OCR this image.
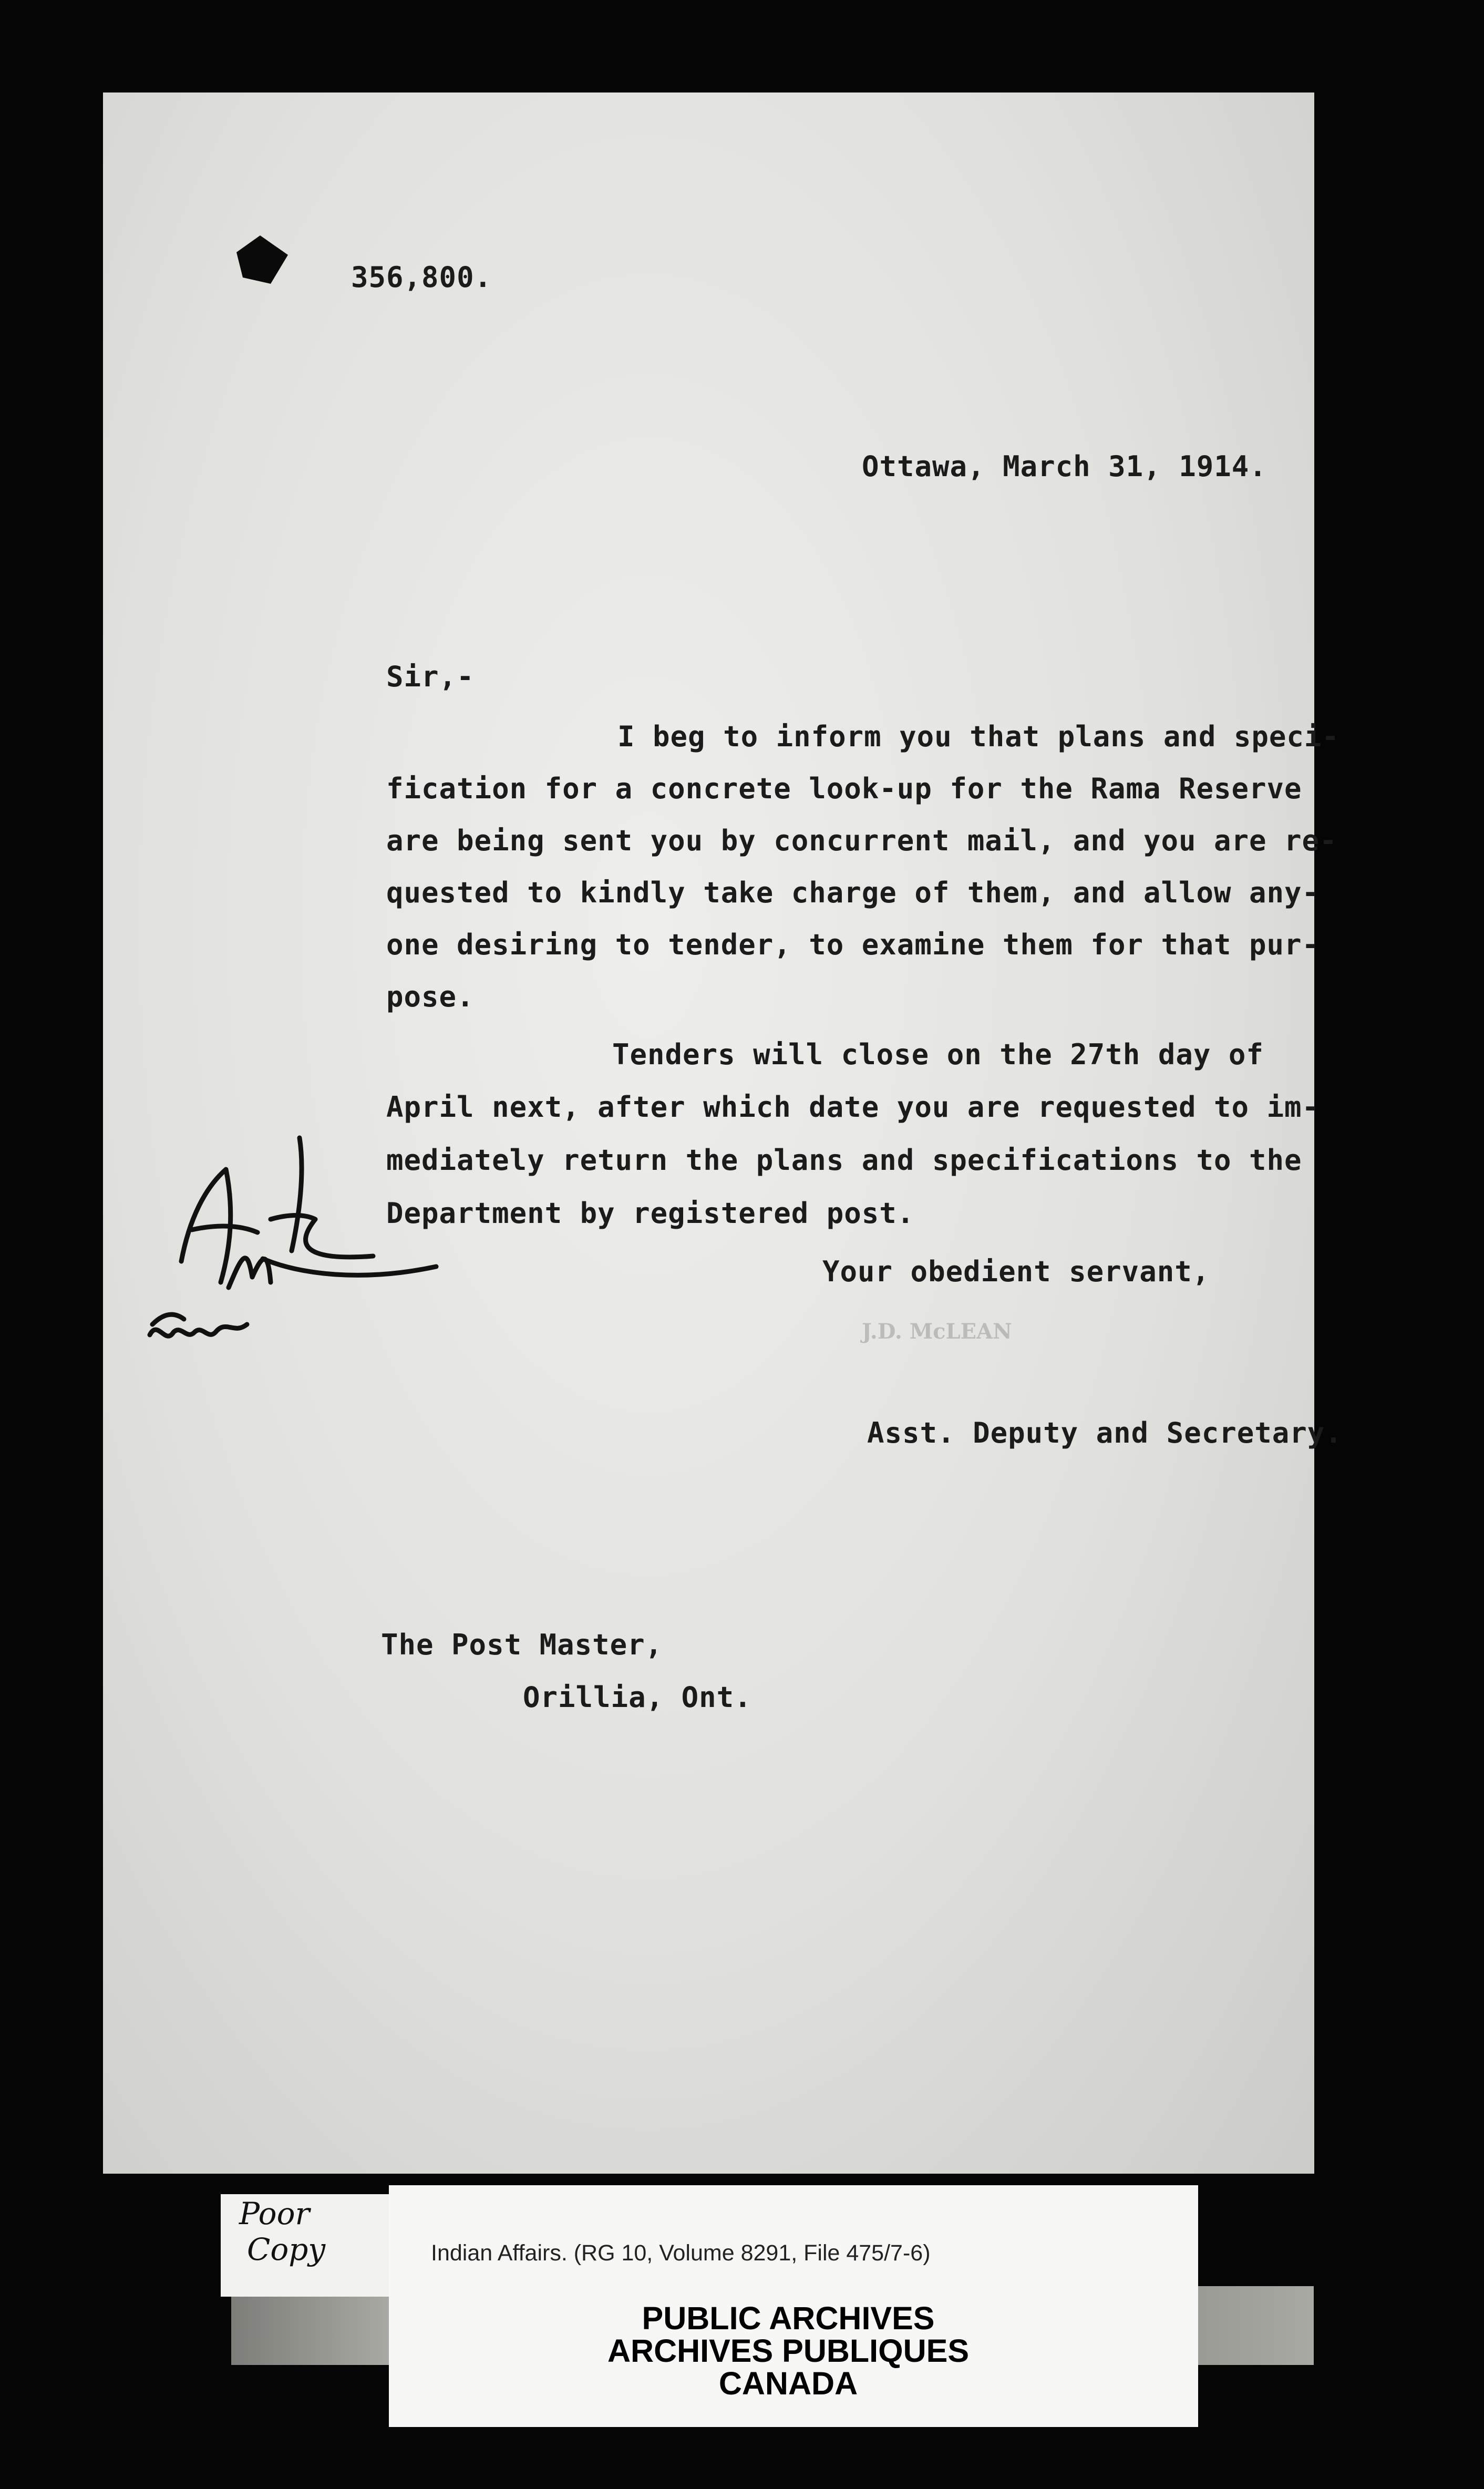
356,800.
Ottawa, March 31, 1914.
Sir,-
I beg to inform you that plans and speci-
fication for a concrete look-up for the Rama Reserve
are being sent you by concurrent mail, and you are re-
quested to kindly take charge of them, and allow any-
one desiring to tender, to examine them for that pur-
pose.
Tenders will close on the 27th day of
April next, after which date you are requested to im-
mediately return the plans and specifications to the
Department by registered post.
Your obedient servant,
J.D. McLEAN
Asst. Deputy and Secretary.
The Post Master,
Orillia, Ont.
Poor
Copy	Indian Affairs. (RG 10, Volume 8291, File 475/7-6)
PUBLIC ARCHIVES
ARCHIVES PUBLIQUES
CANADA
